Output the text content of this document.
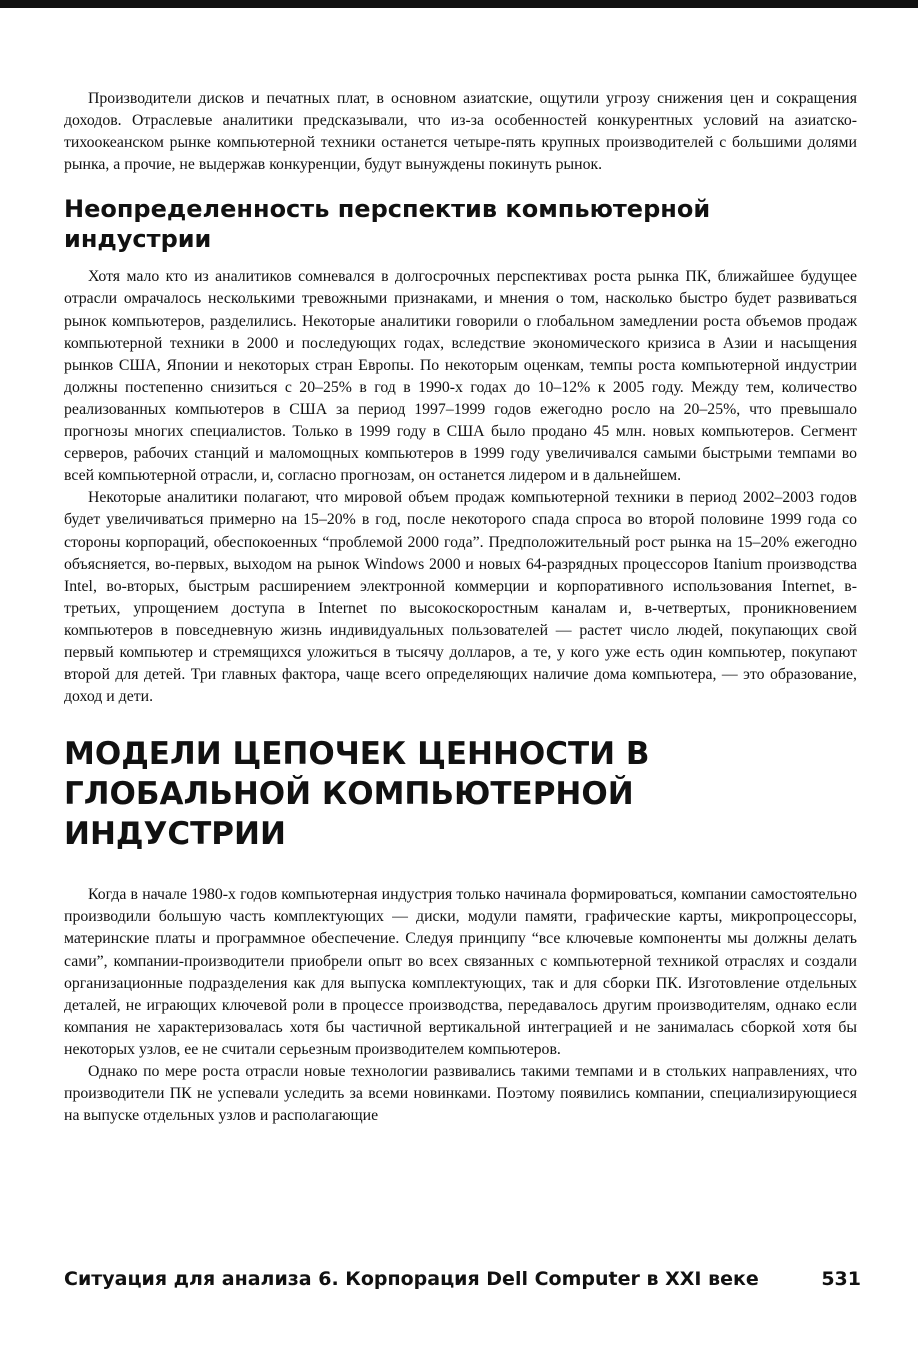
Производители дисков и печатных плат, в основном азиатские, ощутили угрозу снижения цен и сокращения доходов. Отраслевые аналитики предсказывали, что из-за особенностей конкурентных условий на азиатско-тихоокеанском рынке компьютерной техники останется четыре-пять крупных производителей с большими долями рынка, а прочие, не выдержав конкуренции, будут вынуждены покинуть рынок.

Неопределенность перспектив компьютерной индустрии

Хотя мало кто из аналитиков сомневался в долгосрочных перспективах роста рынка ПК, ближайшее будущее отрасли омрачалось несколькими тревожными признаками, и мнения о том, насколько быстро будет развиваться рынок компьютеров, разделились. Некоторые аналитики говорили о глобальном замедлении роста объемов продаж компьютерной техники в 2000 и последующих годах, вследствие экономического кризиса в Азии и насыщения рынков США, Японии и некоторых стран Европы. По некоторым оценкам, темпы роста компьютерной индустрии должны постепенно снизиться с 20–25% в год в 1990-х годах до 10–12% к 2005 году. Между тем, количество реализованных компьютеров в США за период 1997–1999 годов ежегодно росло на 20–25%, что превышало прогнозы многих специалистов. Только в 1999 году в США было продано 45 млн. новых компьютеров. Сегмент серверов, рабочих станций и маломощных компьютеров в 1999 году увеличивался самыми быстрыми темпами во всей компьютерной отрасли, и, согласно прогнозам, он останется лидером и в дальнейшем.

Некоторые аналитики полагают, что мировой объем продаж компьютерной техники в период 2002–2003 годов будет увеличиваться примерно на 15–20% в год, после некоторого спада спроса во второй половине 1999 года со стороны корпораций, обеспокоенных “проблемой 2000 года”. Предположительный рост рынка на 15–20% ежегодно объясняется, во-первых, выходом на рынок Windows 2000 и новых 64-разрядных процессоров Itanium производства Intel, во-вторых, быстрым расширением электронной коммерции и корпоративного использования Internet, в-третьих, упрощением доступа в Internet по высокоскоростным каналам и, в-четвертых, проникновением компьютеров в повседневную жизнь индивидуальных пользователей — растет число людей, покупающих свой первый компьютер и стремящихся уложиться в тысячу долларов, а те, у кого уже есть один компьютер, покупают второй для детей. Три главных фактора, чаще всего определяющих наличие дома компьютера, — это образование, доход и дети.

МОДЕЛИ ЦЕПОЧЕК ЦЕННОСТИ В ГЛОБАЛЬНОЙ КОМПЬЮТЕРНОЙ ИНДУСТРИИ

Когда в начале 1980-х годов компьютерная индустрия только начинала формироваться, компании самостоятельно производили большую часть комплектующих — диски, модули памяти, графические карты, микропроцессоры, материнские платы и программное обеспечение. Следуя принципу “все ключевые компоненты мы должны делать сами”, компании-производители приобрели опыт во всех связанных с компьютерной техникой отраслях и создали организационные подразделения как для выпуска комплектующих, так и для сборки ПК. Изготовление отдельных деталей, не играющих ключевой роли в процессе производства, передавалось другим производителям, однако если компания не характеризовалась хотя бы частичной вертикальной интеграцией и не занималась сборкой хотя бы некоторых узлов, ее не считали серьезным производителем компьютеров.

Однако по мере роста отрасли новые технологии развивались такими темпами и в стольких направлениях, что производители ПК не успевали уследить за всеми новинками. Поэтому появились компании, специализирующиеся на выпуске отдельных узлов и располагающие

Ситуация для анализа 6. Корпорация Dell Computer в XXI веке	531
